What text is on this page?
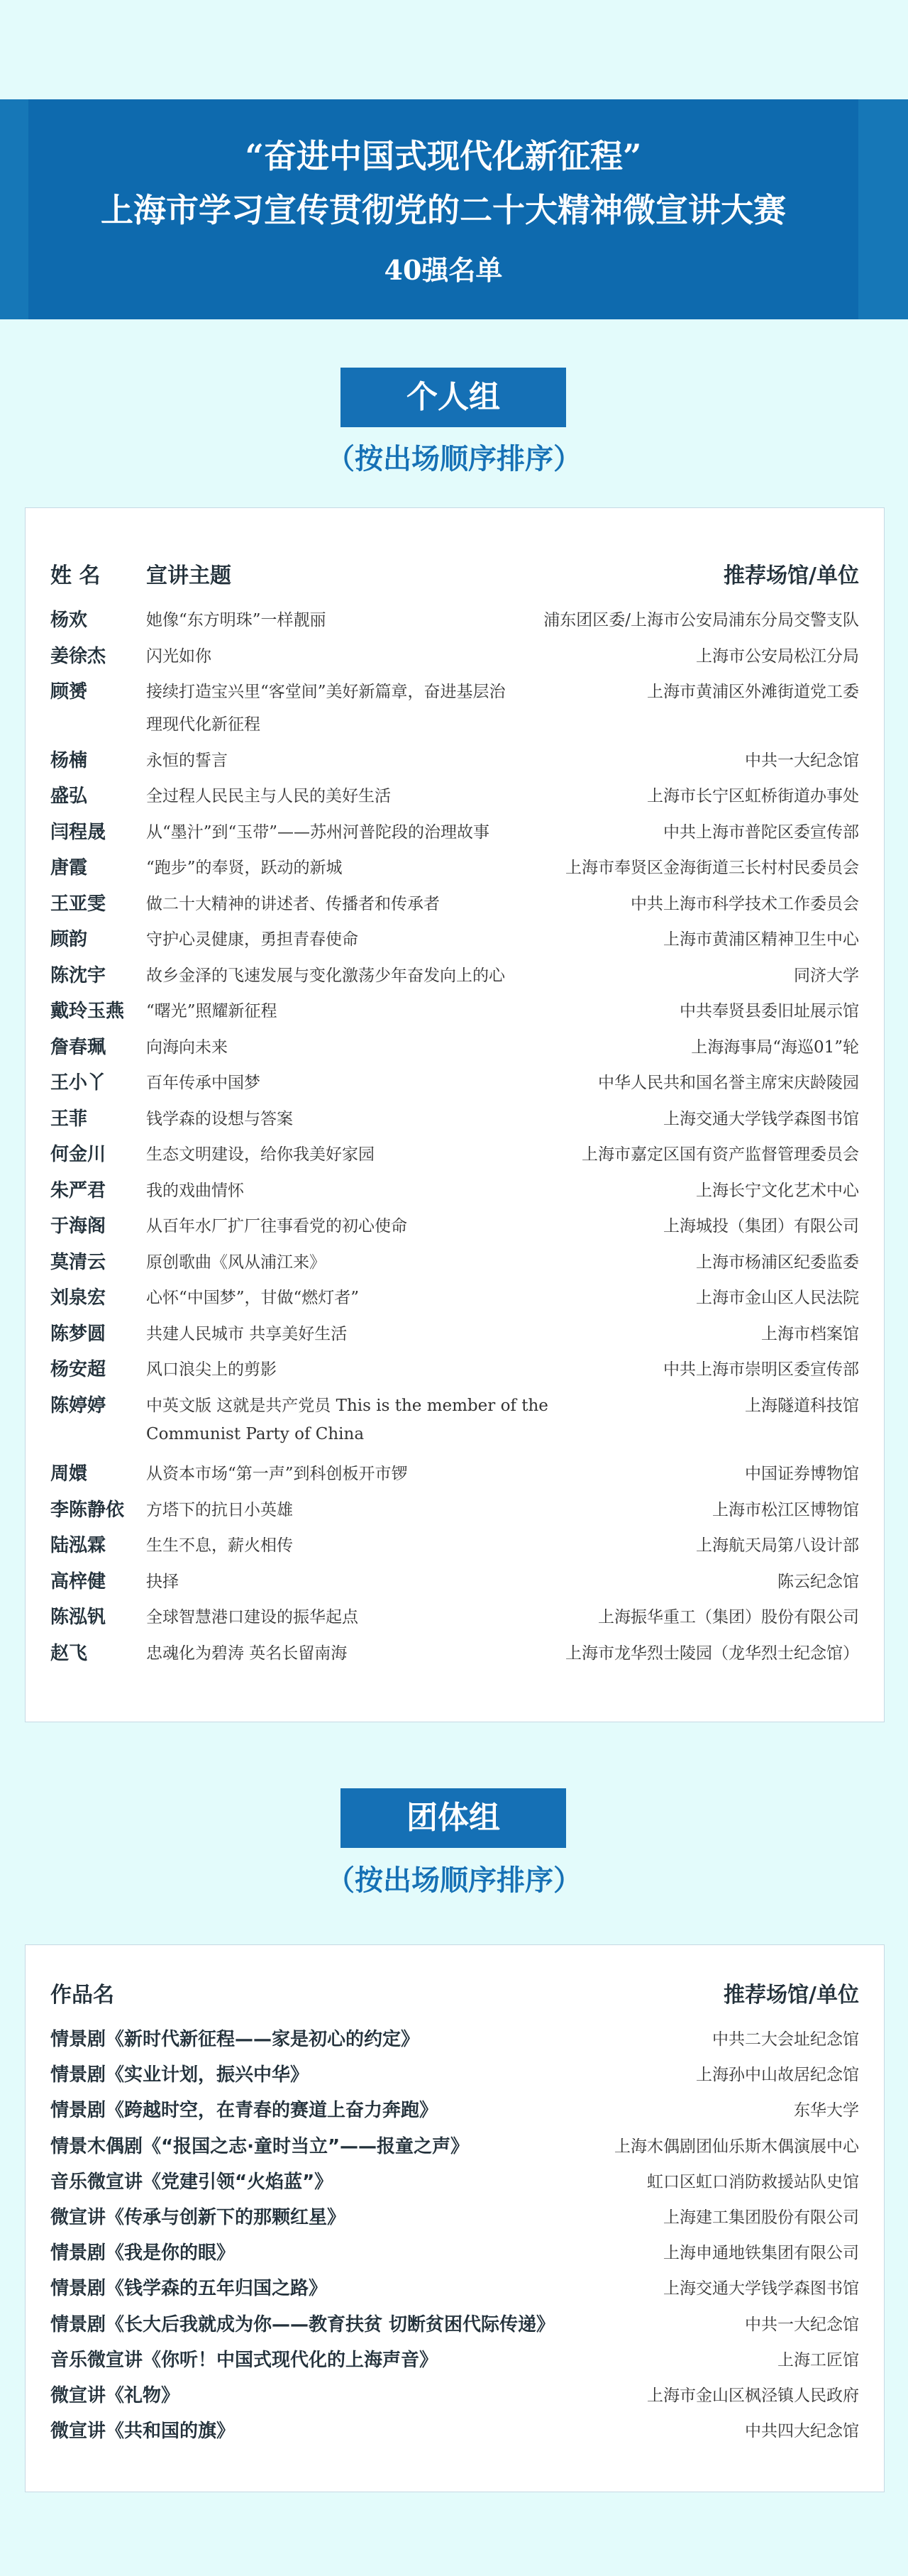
“奋进中国式现代化新征程”
上海市学习宣传贯彻党的二十大精神微宣讲大赛
40强名单
个人组
（按出场顺序排序）
姓 名 宣讲主题	推荐场馆/单位
杨欢	她像“东方明珠”一样靓丽	浦东团区委/上海市公安局浦东分局交警支队
姜徐杰 闪光如你	上海市公安局松江分局
顾赟	接续打造宝兴里“客堂间”美好新篇章，奋进基层治	上海市黄浦区外滩街道党工委
理现代化新征程
杨楠	永恒的誓言	中共一大纪念馆
盛弘	全过程人民民主与人民的美好生活	上海市长宁区虹桥街道办事处
闫程晟 从“墨汁”到“玉带”——苏州河普陀段的治理故事	中共上海市普陀区委宣传部
唐霞	“跑步”的奉贤，跃动的新城	上海市奉贤区金海街道三长村村民委员会
王亚雯 做二十大精神的讲述者、传播者和传承者	中共上海市科学技术工作委员会
顾韵	守护心灵健康，勇担青春使命	上海市黄浦区精神卫生中心
陈沈宇 故乡金泽的飞速发展与变化激荡少年奋发向上的心	同济大学
戴玲玉燕 “曙光”照耀新征程	中共奉贤县委旧址展示馆
詹春珮 向海向未来	上海海事局“海巡01”轮
王小丫 百年传承中国梦	中华人民共和国名誉主席宋庆龄陵园
王菲	钱学森的设想与答案	上海交通大学钱学森图书馆
何金川 生态文明建设，给你我美好家园	上海市嘉定区国有资产监督管理委员会
朱严君 我的戏曲情怀	上海长宁文化艺术中心
于海阁 从百年水厂扩厂往事看党的初心使命	上海城投（集团）有限公司
莫清云 原创歌曲《风从浦江来》	上海市杨浦区纪委监委
刘泉宏 心怀“中国梦”，甘做“燃灯者”	上海市金山区人民法院
陈梦圆 共建人民城市 共享美好生活	上海市档案馆
杨安超 风口浪尖上的剪影	中共上海市崇明区委宣传部
陈婷婷 中英文版 这就是共产党员 This is the member of the	上海隧道科技馆
Communist Party of China
周嬛	从资本市场“第一声”到科创板开市锣	中国证券博物馆
李陈静依 方塔下的抗日小英雄	上海市松江区博物馆
陆泓霖 生生不息，薪火相传	上海航天局第八设计部
高梓健 抉择	陈云纪念馆
陈泓钒 全球智慧港口建设的振华起点	上海振华重工（集团）股份有限公司
赵飞	忠魂化为碧涛 英名长留南海	上海市龙华烈士陵园（龙华烈士纪念馆）
团体组
（按出场顺序排序）
作品名	推荐场馆/单位
情景剧《新时代新征程——家是初心的约定》	中共二大会址纪念馆
情景剧《实业计划，振兴中华》	上海孙中山故居纪念馆
情景剧《跨越时空，在青春的赛道上奋力奔跑》	东华大学
情景木偶剧《“报国之志·童时当立”——报童之声》	上海木偶剧团仙乐斯木偶演展中心
音乐微宣讲《党建引领“火焰蓝”》	虹口区虹口消防救援站队史馆
微宣讲《传承与创新下的那颗红星》	上海建工集团股份有限公司
情景剧《我是你的眼》	上海申通地铁集团有限公司
情景剧《钱学森的五年归国之路》	上海交通大学钱学森图书馆
情景剧《长大后我就成为你——教育扶贫 切断贫困代际传递》	中共一大纪念馆
音乐微宣讲《你听！中国式现代化的上海声音》	上海工匠馆
微宣讲《礼物》	上海市金山区枫泾镇人民政府
微宣讲《共和国的旗》	中共四大纪念馆
